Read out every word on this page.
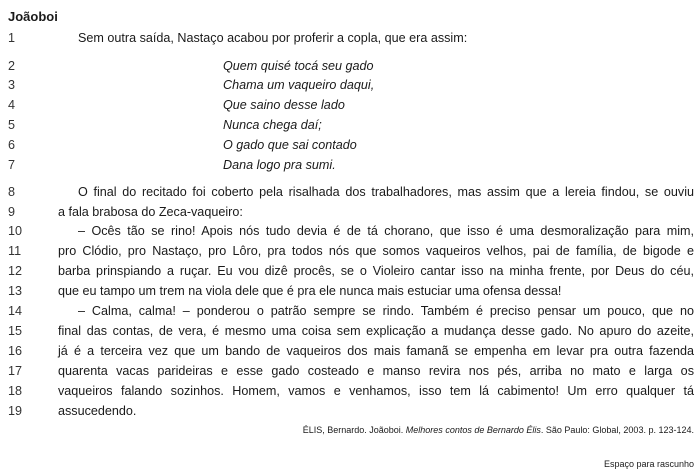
Joãoboi
1	Sem outra saída, Nastaço acabou por proferir a copla, que era assim:
2	Quem quisé tocá seu gado
3	Chama um vaqueiro daqui,
4	Que saino desse lado
5	Nunca chega daí;
6	O gado que sai contado
7	Dana logo pra sumi.
8	O final do recitado foi coberto pela risalhada dos trabalhadores, mas assim que a lereia findou, se ouviu
9	a fala brabosa do Zeca-vaqueiro:
10	– Ocês tão se rino! Apois nós tudo devia é de tá chorano, que isso é uma desmoralização para mim,
11	pro Clódio, pro Nastaço, pro Lôro, pra todos nós que somos vaqueiros velhos, pai de família, de bigode e
12	barba prinspiando a ruçar. Eu vou dizê procês, se o Violeiro cantar isso na minha frente, por Deus do céu,
13	que eu tampo um trem na viola dele que é pra ele nunca mais estuciar uma ofensa dessa!
14	– Calma, calma! – ponderou o patrão sempre se rindo. Também é preciso pensar um pouco, que no
15	final das contas, de vera, é mesmo uma coisa sem explicação a mudança desse gado. No apuro do azeite,
16	já é a terceira vez que um bando de vaqueiros dos mais famanã se empenha em levar pra outra fazenda
17	quarenta vacas parideiras e esse gado costeado e manso revira nos pés, arriba no mato e larga os
18	vaqueiros falando sozinhos. Homem, vamos e venhamos, isso tem lá cabimento! Um erro qualquer tá
19	assucedendo.
ÉLIS, Bernardo. Joãoboi. Melhores contos de Bernardo Élis. São Paulo: Global, 2003. p. 123-124.
Espaço para rascunho
